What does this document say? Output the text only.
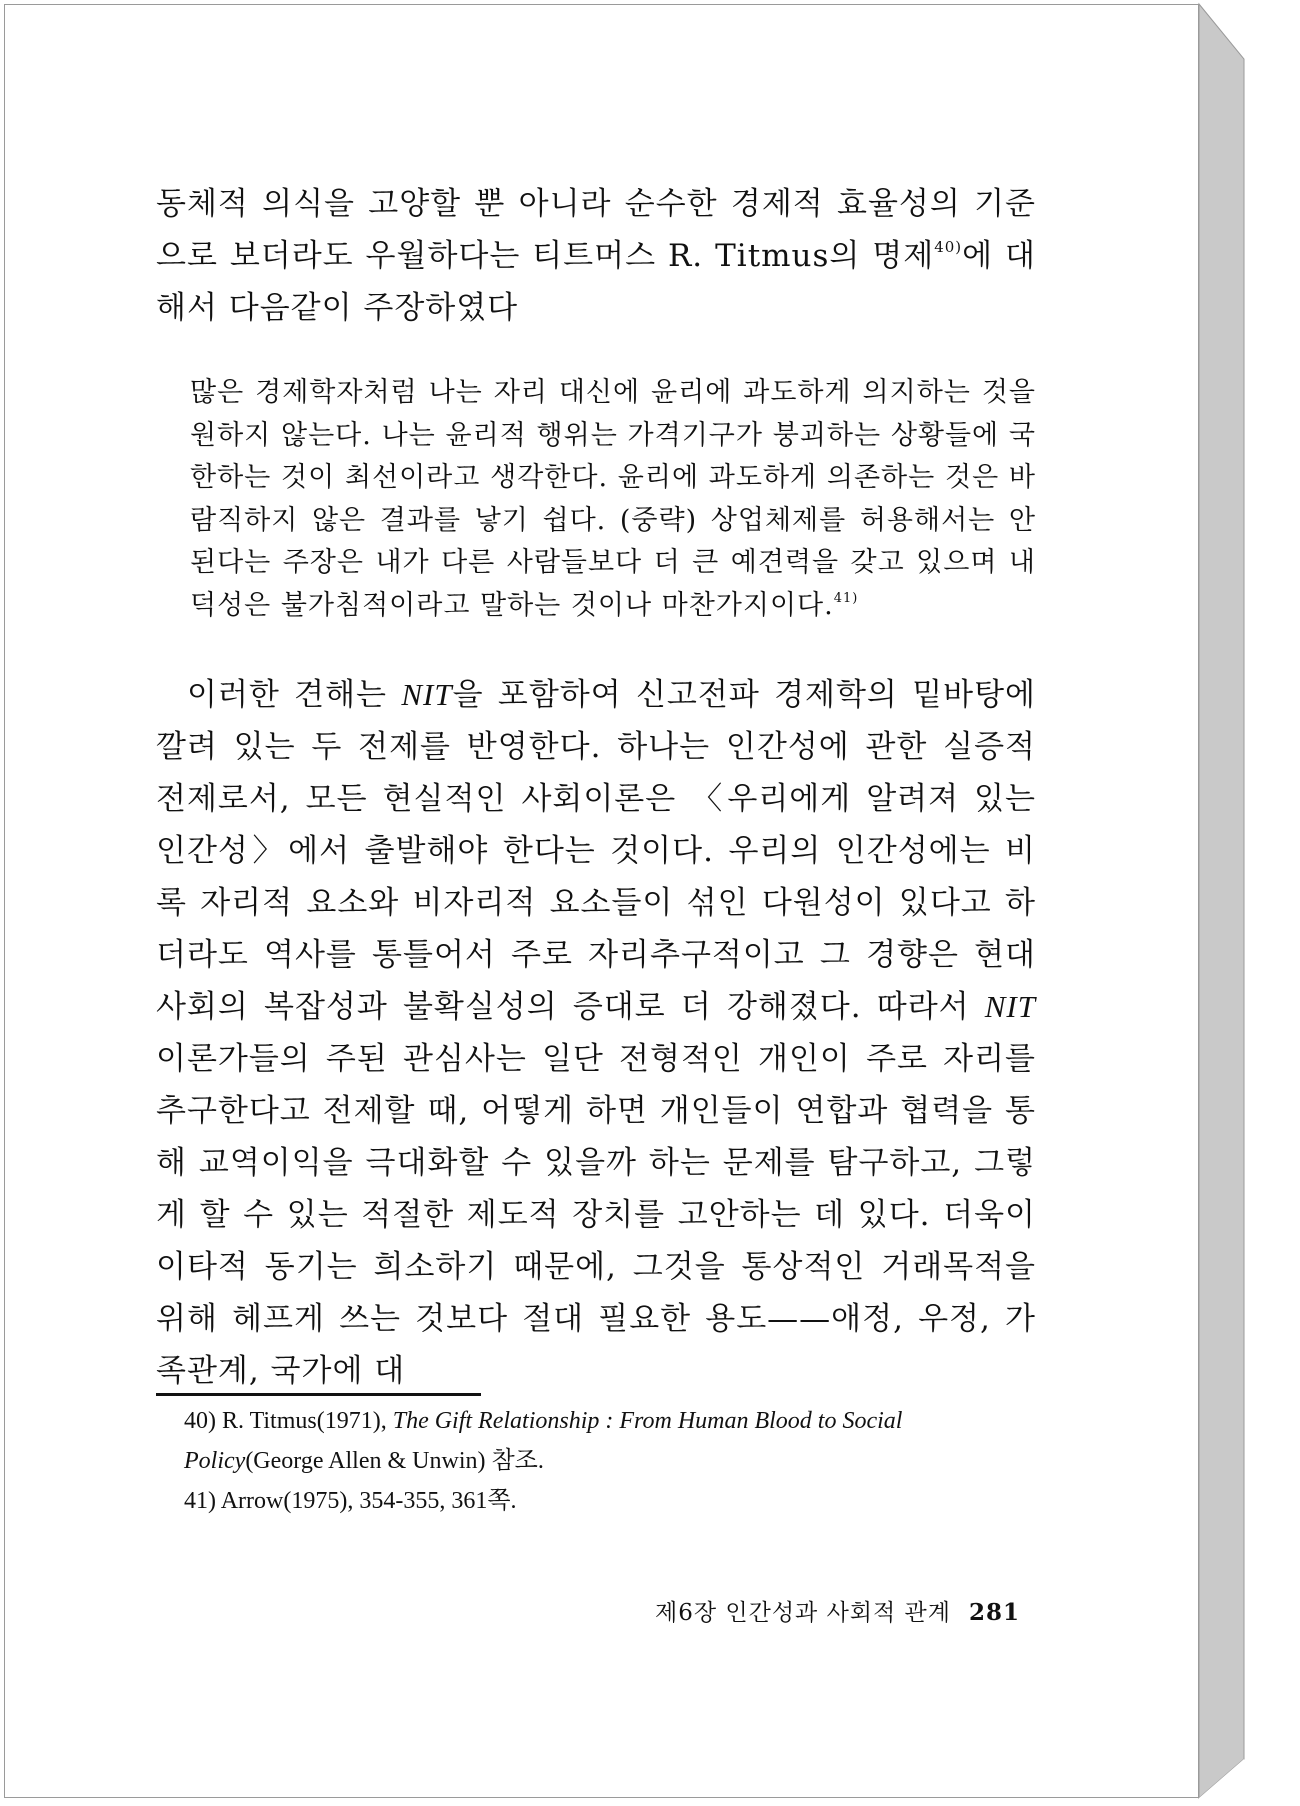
동체적 의식을 고양할 뿐 아니라 순수한 경제적 효율성의 기준으로 보더라도 우월하다는 티트머스 R. Titmus의 명제$^{40)}$에 대해서 다음같이 주장하였다

많은 경제학자처럼 나는 자리 대신에 윤리에 과도하게 의지하는 것을 원하지 않는다. 나는 윤리적 행위는 가격기구가 붕괴하는 상황들에 국한하는 것이 최선이라고 생각한다. 윤리에 과도하게 의존하는 것은 바람직하지 않은 결과를 낳기 쉽다. (중략) 상업체제를 허용해서는 안 된다는 주장은 내가 다른 사람들보다 더 큰 예견력을 갖고 있으며 내 덕성은 불가침적이라고 말하는 것이나 마찬가지이다.$^{41)}$

이러한 견해는 NIT을 포함하여 신고전파 경제학의 밑바탕에 깔려 있는 두 전제를 반영한다. 하나는 인간성에 관한 실증적 전제로서, 모든 현실적인 사회이론은 〈우리에게 알려져 있는 인간성〉에서 출발해야 한다는 것이다. 우리의 인간성에는 비록 자리적 요소와 비자리적 요소들이 섞인 다원성이 있다고 하더라도 역사를 통틀어서 주로 자리추구적이고 그 경향은 현대사회의 복잡성과 불확실성의 증대로 더 강해졌다. 따라서 NIT이론가들의 주된 관심사는 일단 전형적인 개인이 주로 자리를 추구한다고 전제할 때, 어떻게 하면 개인들이 연합과 협력을 통해 교역이익을 극대화할 수 있을까 하는 문제를 탐구하고, 그렇게 할 수 있는 적절한 제도적 장치를 고안하는 데 있다. 더욱이 이타적 동기는 희소하기 때문에, 그것을 통상적인 거래목적을 위해 헤프게 쓰는 것보다 절대 필요한 용도——애정, 우정, 가족관계, 국가에 대

40) R. Titmus(1971), The Gift Relationship : From Human Blood to Social Policy(George Allen & Unwin) 참조.

41) Arrow(1975), 354-355, 361쪽.

제6장 인간성과 사회적 관계 281
